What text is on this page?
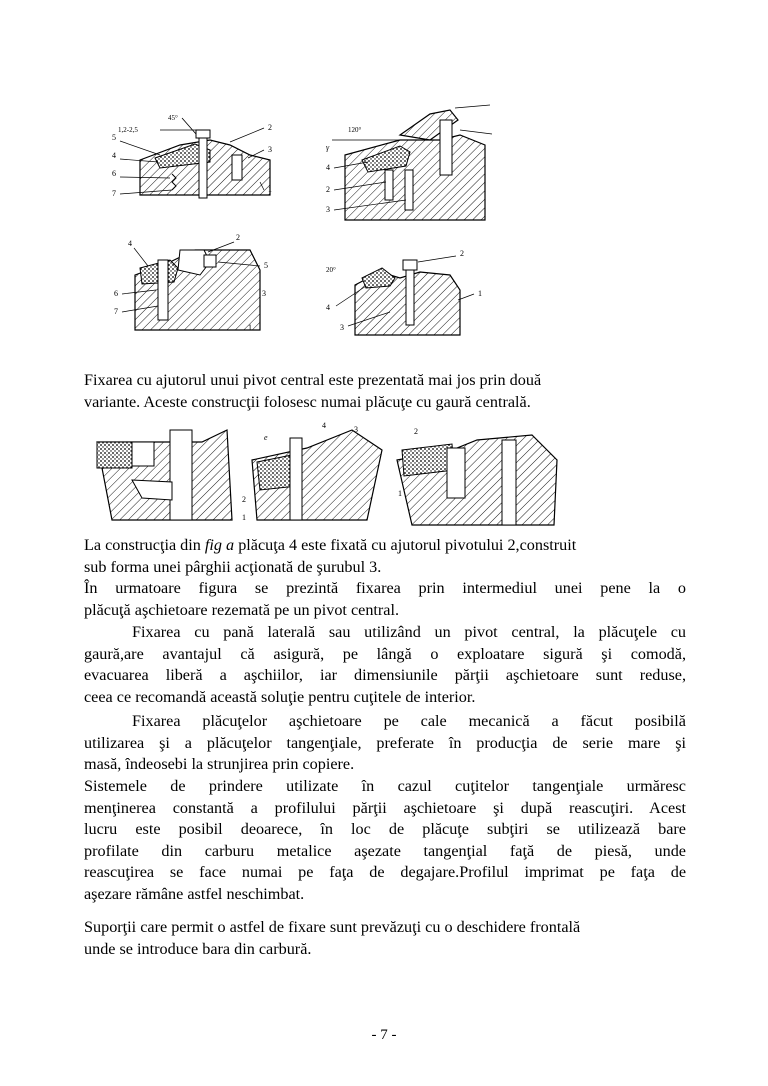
1,2-2,5
45°
5
4
6
7
2
3
1
120°
γ
4
2
3
4
2
5
6
7
3
1
20°
2
4
3
1
Fixarea cu ajutorul unui pivot central este prezentată mai jos prin două
variante. Aceste construcţii folosesc numai plăcuţe cu gaură centrală.
e
4	3
2
1
2
1
La construcţia din fig a plăcuţa 4 este fixată cu ajutorul pivotului 2,construit
sub forma unei pârghii acţionată de şurubul 3.
În urmatoare figura se prezintă fixarea prin intermediul unei pene la o
plăcuţă aşchietoare rezemată pe un pivot central.
Fixarea cu pană laterală sau utilizând un pivot central, la plăcuţele cu
gaură,are avantajul că asigură, pe lângă o exploatare sigură şi comodă,
evacuarea liberă a aşchiilor, iar dimensiunile părţii aşchietoare sunt reduse,
ceea ce recomandă această soluţie pentru cuţitele de interior.
Fixarea plăcuţelor aşchietoare pe cale mecanică a făcut posibilă
utilizarea şi a plăcuţelor tangenţiale, preferate în producţia de serie mare şi
masă, îndeosebi la strunjirea prin copiere.
Sistemele de prindere utilizate în cazul cuţitelor tangenţiale urmăresc
menţinerea constantă a profilului părţii aşchietoare şi după reascuţiri. Acest
lucru este posibil deoarece, în loc de plăcuţe subţiri se utilizează bare
profilate din carburu metalice aşezate tangenţial faţă de piesă, unde
reascuţirea se face numai pe faţa de degajare.Profilul imprimat pe faţa de
aşezare rămâne astfel neschimbat.
Suporţii care permit o astfel de fixare sunt prevăzuţi cu o deschidere frontală
unde se introduce bara din carbură.
- 7 -
